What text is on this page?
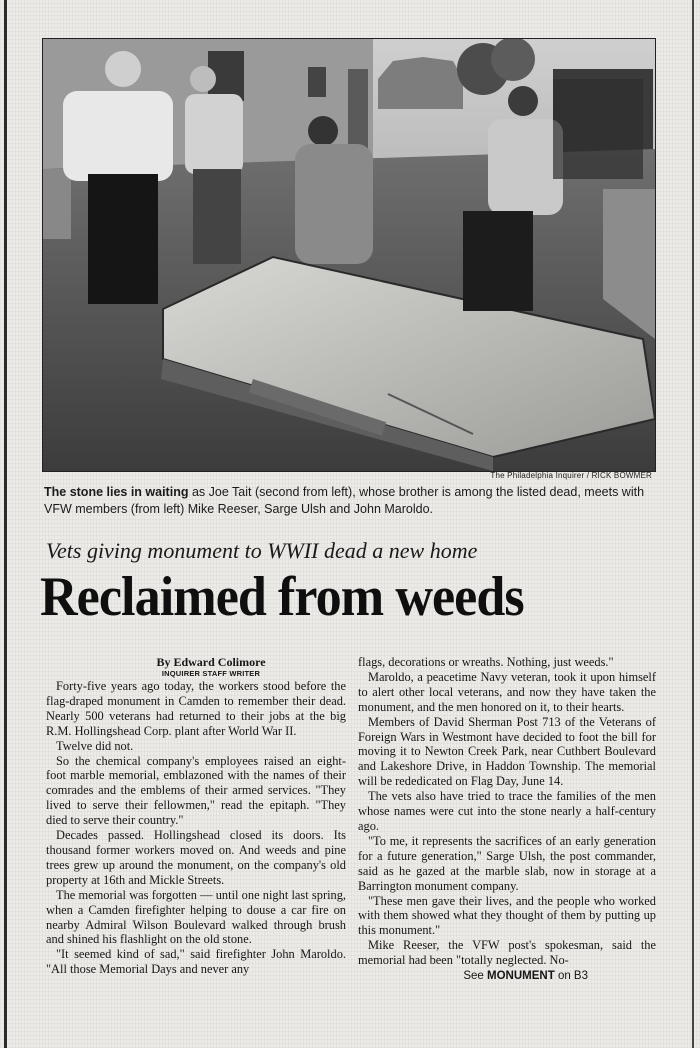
The Philadelphia Inquirer / RICK BOWMER
The stone lies in waiting as Joe Tait (second from left), whose brother is among the listed dead, meets with VFW members (from left) Mike Reeser, Sarge Ulsh and John Maroldo.
Vets giving monument to WWII dead a new home
Reclaimed from weeds
By Edward Colimore
INQUIRER STAFF WRITER

Forty-five years ago today, the workers stood before the flag-draped monument in Camden to remember their dead. Nearly 500 veterans had returned to their jobs at the big R.M. Hollingshead Corp. plant after World War II.

Twelve did not.

So the chemical company's employees raised an eight-foot marble memorial, emblazoned with the names of their comrades and the emblems of their armed services. "They lived to serve their fellowmen," read the epitaph. "They died to serve their country."

Decades passed. Hollingshead closed its doors. Its thousand former workers moved on. And weeds and pine trees grew up around the monument, on the company's old property at 16th and Mickle Streets.

The memorial was forgotten — until one night last spring, when a Camden firefighter helping to douse a car fire on nearby Admiral Wilson Boulevard walked through brush and shined his flashlight on the old stone.

"It seemed kind of sad," said firefighter John Maroldo. "All those Memorial Days and never any

flags, decorations or wreaths. Nothing, just weeds."

Maroldo, a peacetime Navy veteran, took it upon himself to alert other local veterans, and now they have taken the monument, and the men honored on it, to their hearts.

Members of David Sherman Post 713 of the Veterans of Foreign Wars in Westmont have decided to foot the bill for moving it to Newton Creek Park, near Cuthbert Boulevard and Lakeshore Drive, in Haddon Township. The memorial will be rededicated on Flag Day, June 14.

The vets also have tried to trace the families of the men whose names were cut into the stone nearly a half-century ago.

"To me, it represents the sacrifices of an early generation for a future generation," Sarge Ulsh, the post commander, said as he gazed at the marble slab, now in storage at a Barrington monument company.

"These men gave their lives, and the people who worked with them showed what they thought of them by putting up this monument."

Mike Reeser, the VFW post's spokesman, said the memorial had been "totally neglected. No-

See MONUMENT on B3
